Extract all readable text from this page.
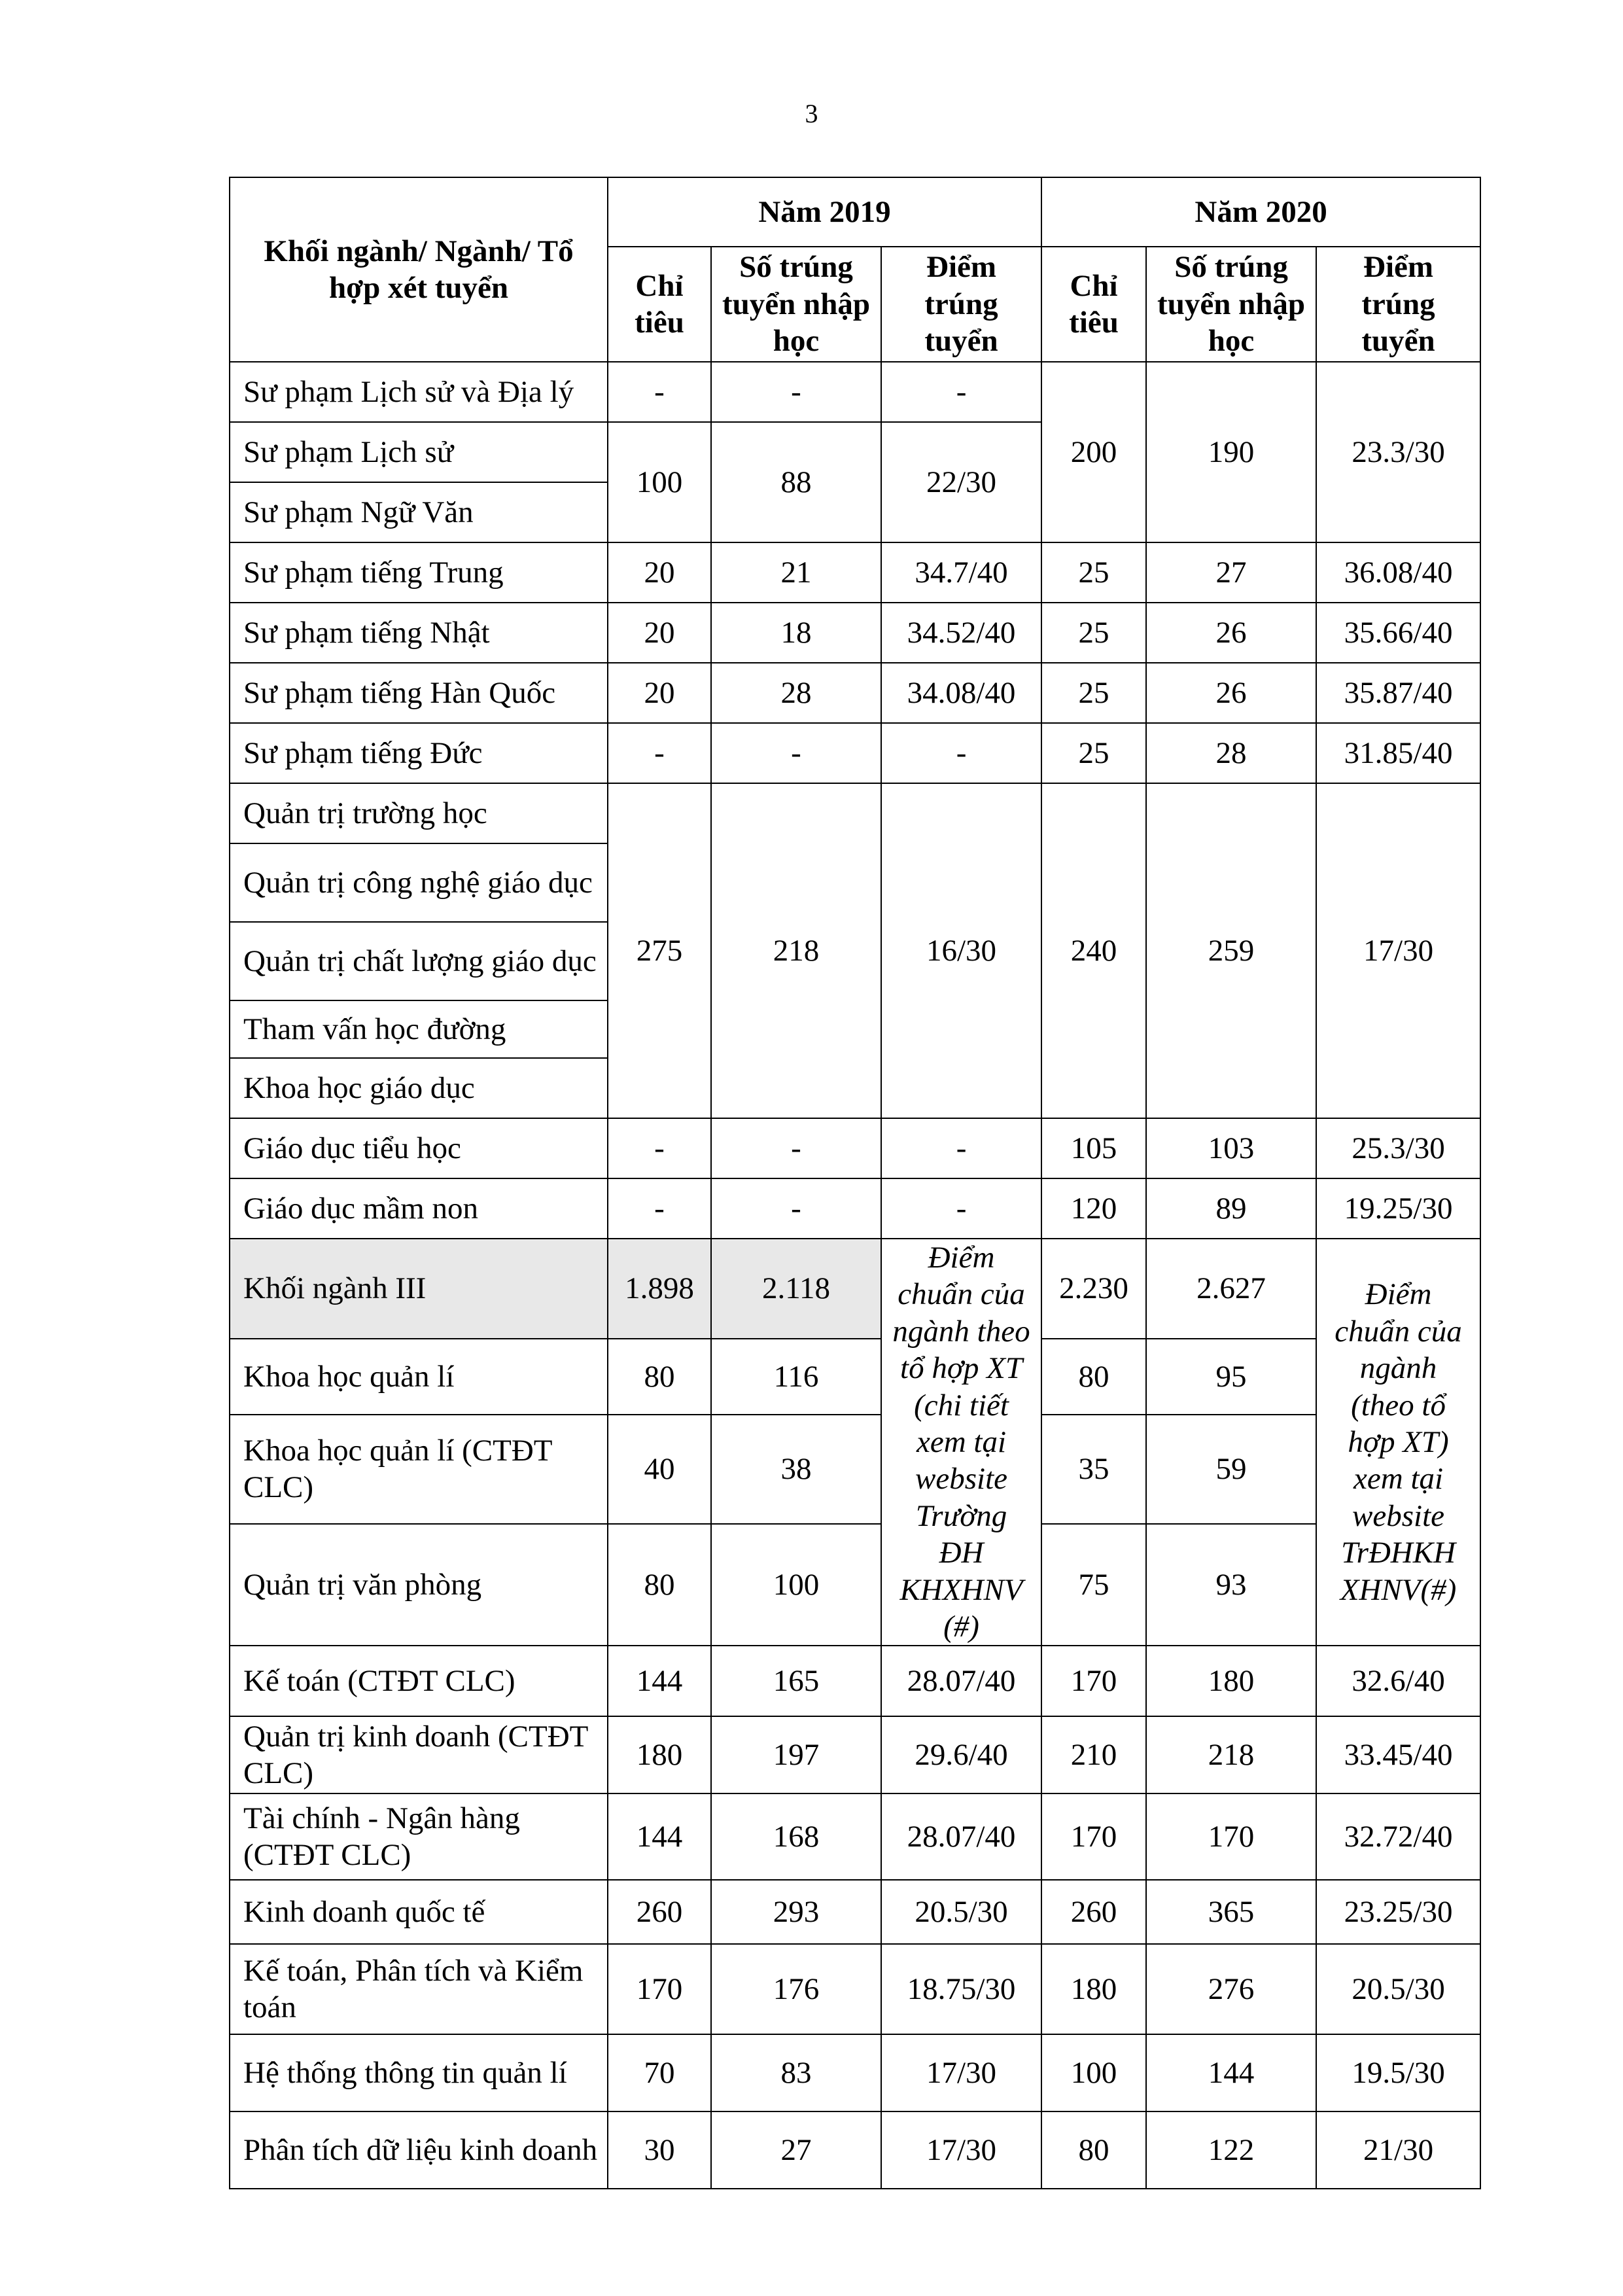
3
Khối ngành/ Ngành/ Tổ hợp xét tuyển	Năm 2019			Năm 2020		
	Chỉ tiêu	Số trúng tuyển nhập học	Điểm trúng tuyển	Chỉ tiêu	Số trúng tuyển nhập học	Điểm trúng tuyển
Sư phạm Lịch sử và Địa lý	-	-	-	200	190	23.3/30
Sư phạm Lịch sử	100	88	22/30			
Sư phạm Ngữ Văn						
Sư phạm tiếng Trung	20	21	34.7/40	25	27	36.08/40
Sư phạm tiếng Nhật	20	18	34.52/40	25	26	35.66/40
Sư phạm tiếng Hàn Quốc	20	28	34.08/40	25	26	35.87/40
Sư phạm tiếng Đức	-	-	-	25	28	31.85/40
Quản trị trường học	275	218	16/30	240	259	17/30
Quản trị công nghệ giáo dục						
Quản trị chất lượng giáo dục						
Tham vấn học đường						
Khoa học giáo dục						
Giáo dục tiểu học	-	-	-	105	103	25.3/30
Giáo dục mầm non	-	-	-	120	89	19.25/30
Khối ngành III	1.898	2.118	Điểm chuẩn của ngành theo tổ hợp XT (chi tiết xem tại website Trường ĐH KHXHNV (#)	2.230	2.627	Điểm chuẩn của ngành (theo tổ hợp XT) xem tại website TrĐHKH XHNV(#)
Khoa học quản lí	80	116		80	95	
Khoa học quản lí (CTĐT CLC)	40	38		35	59	
Quản trị văn phòng	80	100		75	93	
Kế toán (CTĐT CLC)	144	165	28.07/40	170	180	32.6/40
Quản trị kinh doanh (CTĐT CLC)	180	197	29.6/40	210	218	33.45/40
Tài chính - Ngân hàng (CTĐT CLC)	144	168	28.07/40	170	170	32.72/40
Kinh doanh quốc tế	260	293	20.5/30	260	365	23.25/30
Kế toán, Phân tích và Kiểm toán	170	176	18.75/30	180	276	20.5/30
Hệ thống thông tin quản lí	70	83	17/30	100	144	19.5/30
Phân tích dữ liệu kinh doanh	30	27	17/30	80	122	21/30
